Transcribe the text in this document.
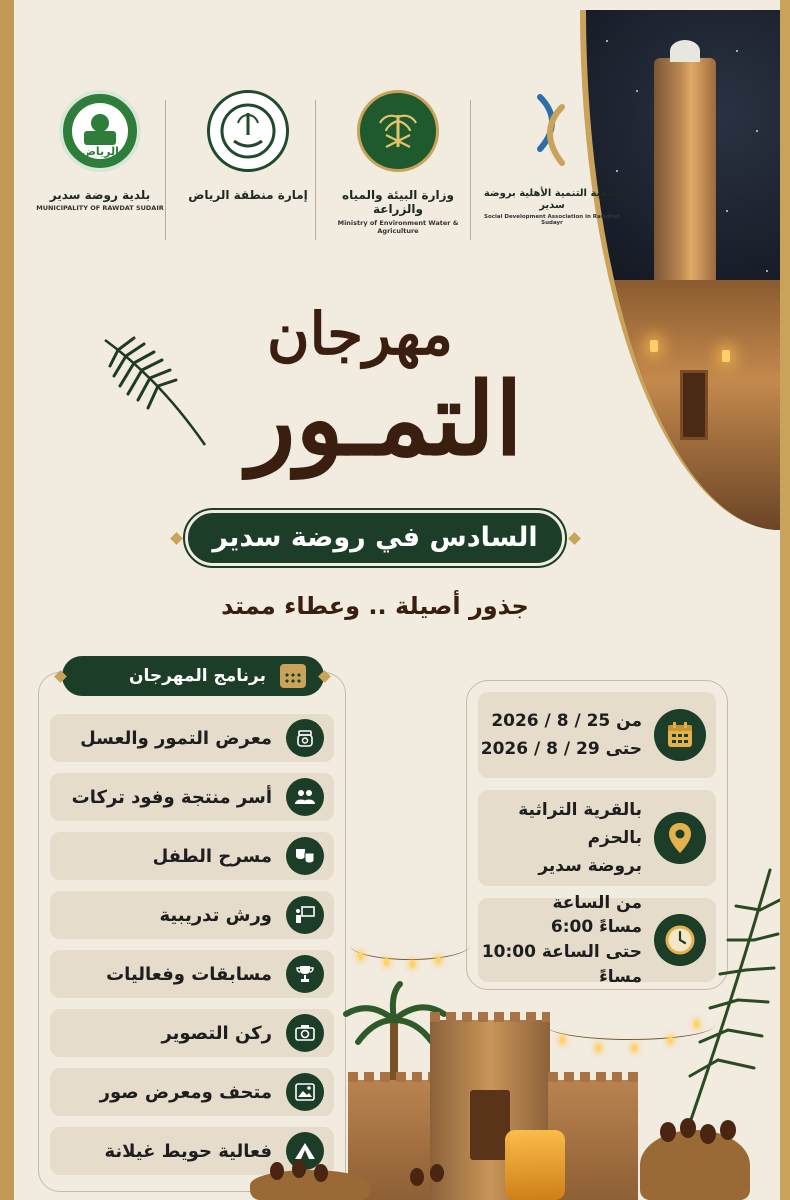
الرياض
بلدية روضة سدير
MUNICIPALITY OF RAWDAT SUDAIR
إمارة منطقة الرياض	وزارة البيئة والمياه والزراعة
Ministry of Environment Water & Agriculture
جمعية التنمية الأهلية بروضة سدير
Social Development Association in Rawdhat Sudayr
مهرجان
التمـور
السادس في روضة سدير
جذور أصيلة .. وعطاء ممتد
برنامج المهرجان
معرض التمور والعسل
أسر منتجة وفود تركات
مسرح الطفل
ورش تدريبية
مسابقات وفعاليات
ركن التصوير
متحف ومعرض صور
فعالية حويط غيلانة
من 25 / 8 / 2026
حتى 29 / 8 / 2026
بالقرية التراثية بالحزم
بروضة سدير
من الساعة
6:00 مساءً
حتى الساعة 10:00 مساءً
